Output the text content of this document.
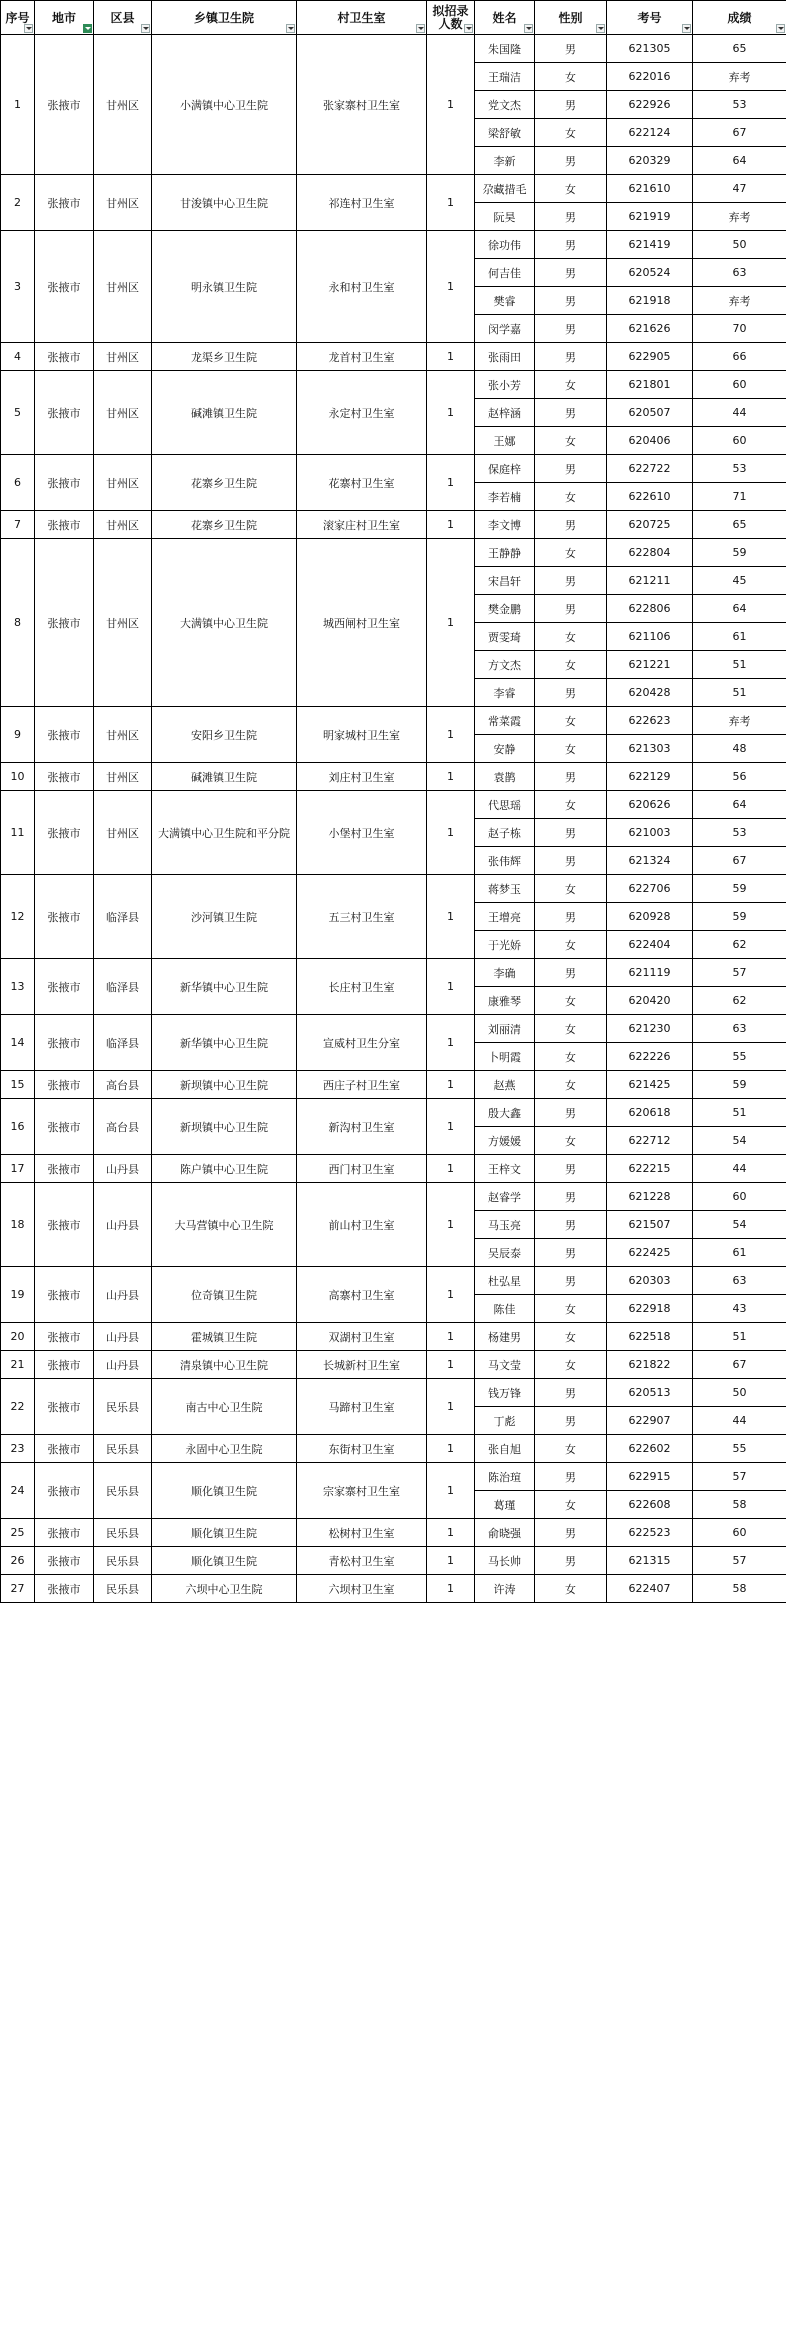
序号	地市	区县	乡镇卫生院	村卫生室	拟招录人数	姓名	性别	考号	成绩

1	张掖市	甘州区	小满镇中心卫生院	张家寨村卫生室	1	朱国隆	男	621305	65
						王瑞洁	女	622016	弃考
						党文杰	男	622926	53
						梁舒敏	女	622124	67
						李新	男	620329	64
2	张掖市	甘州区	甘浚镇中心卫生院	祁连村卫生室	1	尕藏措毛	女	621610	47
						阮昊	男	621919	弃考
3	张掖市	甘州区	明永镇卫生院	永和村卫生室	1	徐功伟	男	621419	50
						何吉佳	男	620524	63
						樊睿	男	621918	弃考
						闵学嘉	男	621626	70
4	张掖市	甘州区	龙渠乡卫生院	龙首村卫生室	1	张雨田	男	622905	66
5	张掖市	甘州区	碱滩镇卫生院	永定村卫生室	1	张小芳	女	621801	60
						赵梓涵	男	620507	44
						王娜	女	620406	60
6	张掖市	甘州区	花寨乡卫生院	花寨村卫生室	1	保庭梓	男	622722	53
						李若楠	女	622610	71
7	张掖市	甘州区	花寨乡卫生院	滚家庄村卫生室	1	李文博	男	620725	65
8	张掖市	甘州区	大满镇中心卫生院	城西闸村卫生室	1	王静静	女	622804	59
						宋昌轩	男	621211	45
						樊金鹏	男	622806	64
						贾雯琦	女	621106	61
						方文杰	女	621221	51
						李睿	男	620428	51
9	张掖市	甘州区	安阳乡卫生院	明家城村卫生室	1	常菜霞	女	622623	弃考
						安静	女	621303	48
10	张掖市	甘州区	碱滩镇卫生院	刘庄村卫生室	1	袁鹊	男	622129	56
11	张掖市	甘州区	大满镇中心卫生院和平分院	小堡村卫生室	1	代思瑶	女	620626	64
						赵子栋	男	621003	53
						张伟辉	男	621324	67
12	张掖市	临泽县	沙河镇卫生院	五三村卫生室	1	蒋梦玉	女	622706	59
						王增亮	男	620928	59
						于光娇	女	622404	62
13	张掖市	临泽县	新华镇中心卫生院	长庄村卫生室	1	李确	男	621119	57
						康雅琴	女	620420	62
14	张掖市	临泽县	新华镇中心卫生院	宣威村卫生分室	1	刘丽清	女	621230	63
						卜明霞	女	622226	55
15	张掖市	高台县	新坝镇中心卫生院	西庄子村卫生室	1	赵燕	女	621425	59
16	张掖市	高台县	新坝镇中心卫生院	新沟村卫生室	1	殷大鑫	男	620618	51
						方媛媛	女	622712	54
17	张掖市	山丹县	陈户镇中心卫生院	西门村卫生室	1	王梓文	男	622215	44
18	张掖市	山丹县	大马营镇中心卫生院	前山村卫生室	1	赵睿学	男	621228	60
						马玉亮	男	621507	54
						吴辰泰	男	622425	61
19	张掖市	山丹县	位奇镇卫生院	高寨村卫生室	1	杜弘星	男	620303	63
						陈佳	女	622918	43
20	张掖市	山丹县	霍城镇卫生院	双湖村卫生室	1	杨建男	女	622518	51
21	张掖市	山丹县	清泉镇中心卫生院	长城新村卫生室	1	马文莹	女	621822	67
22	张掖市	民乐县	南古中心卫生院	马蹄村卫生室	1	钱万锋	男	620513	50
						丁彪	男	622907	44
23	张掖市	民乐县	永固中心卫生院	东街村卫生室	1	张自旭	女	622602	55
24	张掖市	民乐县	顺化镇卫生院	宗家寨村卫生室	1	陈治瑄	男	622915	57
						葛瑾	女	622608	58
25	张掖市	民乐县	顺化镇卫生院	松树村卫生室	1	俞晓强	男	622523	60
26	张掖市	民乐县	顺化镇卫生院	青松村卫生室	1	马长帅	男	621315	57
27	张掖市	民乐县	六坝中心卫生院	六坝村卫生室	1	许涛	女	622407	58
